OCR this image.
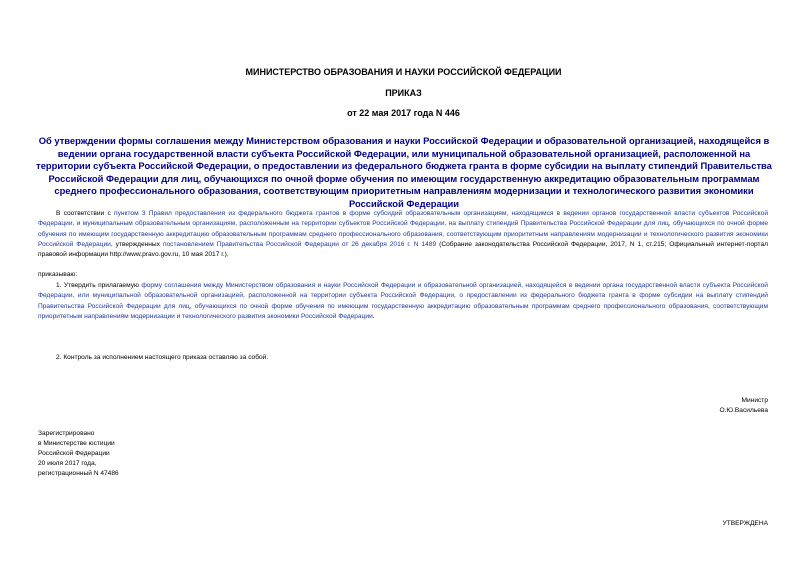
МИНИСТЕРСТВО ОБРАЗОВАНИЯ И НАУКИ РОССИЙСКОЙ ФЕДЕРАЦИИ
ПРИКАЗ
от 22 мая 2017 года N 446
Об утверждении формы соглашения между Министерством образования и науки Российской Федерации и образовательной организацией, находящейся в ведении органа государственной власти субъекта Российской Федерации, или муниципальной образовательной организацией, расположенной на территории субъекта Российской Федерации, о предоставлении из федерального бюджета гранта в форме субсидии на выплату стипендий Правительства Российской Федерации для лиц, обучающихся по очной форме обучения по имеющим государственную аккредитацию образовательным программам среднего профессионального образования, соответствующим приоритетным направлениям модернизации и технологического развития экономики Российской Федерации
В соответствии с пунктом 3 Правил предоставления из федерального бюджета грантов в форме субсидий образовательным организациям, находящимся в ведении органов государственной власти субъектов Российской Федерации, и муниципальным образовательным организациям, расположенным на территории субъектов Российской Федерации, на выплату стипендий Правительства Российской Федерации для лиц, обучающихся по очной форме обучения по имеющим государственную аккредитацию образовательным программам среднего профессионального образования, соответствующим приоритетным направлениям модернизации и технологического развития экономики Российской Федерации, утвержденных постановлением Правительства Российской Федерации от 26 декабря 2016 г. N 1489 (Собрание законодательства Российской Федерации, 2017, N 1, ст.215; Официальный интернет-портал правовой информации http://www.pravo.gov.ru, 10 мая 2017 г.),
приказываю:
1. Утвердить прилагаемую форму соглашения между Министерством образования и науки Российской Федерации и образовательной организацией, находящейся в ведении органа государственной власти субъекта Российской Федерации, или муниципальной образовательной организацией, расположенной на территории субъекта Российской Федерации, о предоставлении из федерального бюджета гранта в форме субсидии на выплату стипендий Правительства Российской Федерации для лиц, обучающихся по очной форме обучения по имеющим государственную аккредитацию образовательным программам среднего профессионального образования, соответствующим приоритетным направлениям модернизации и технологического развития экономики Российской Федерации.
2. Контроль за исполнением настоящего приказа оставляю за собой.
Министр
О.Ю.Васильева
Зарегистрировано
в Министерстве юстиции
Российской Федерации
20 июля 2017 года,
регистрационный N 47486
УТВЕРЖДЕНА
